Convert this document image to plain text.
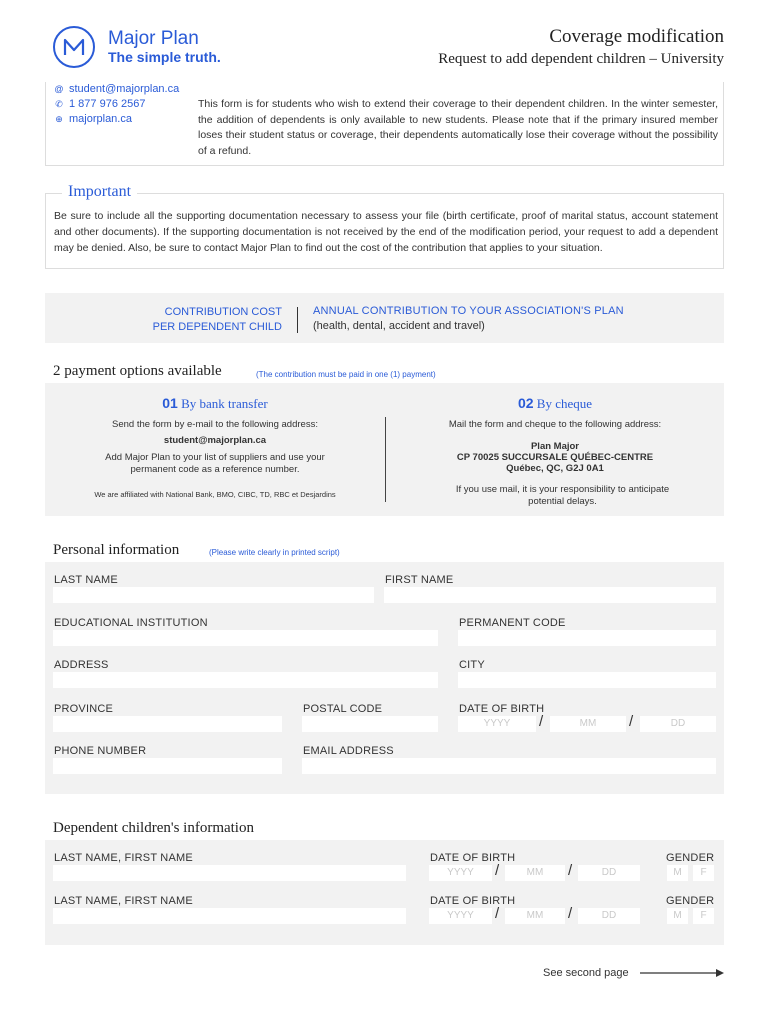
Major Plan
The simple truth.
Coverage modification
Request to add dependent children – University
@ student@majorplan.ca
✆ 1 877 976 2567
⊕ majorplan.ca
This form is for students who wish to extend their coverage to their dependent children. In the winter semester, the addition of dependents is only available to new students. Please note that if the primary insured member loses their student status or coverage, their dependents automatically lose their coverage without the possibility of a refund.
Important
Be sure to include all the supporting documentation necessary to assess your file (birth certificate, proof of marital status, account statement and other documents). If the supporting documentation is not received by the end of the modification period, your request to add a dependent may be denied. Also, be sure to contact Major Plan to find out the cost of the contribution that applies to your situation.
CONTRIBUTION COST
PER DEPENDENT CHILD
ANNUAL CONTRIBUTION TO YOUR ASSOCIATION'S PLAN
(health, dental, accident and travel)
2 payment options available	(The contribution must be paid in one (1) payment)
01 By bank transfer
Send the form by e-mail to the following address:
student@majorplan.ca
Add Major Plan to your list of suppliers and use your permanent code as a reference number.
We are affiliated with National Bank, BMO, CIBC, TD, RBC et Desjardins
02 By cheque
Mail the form and cheque to the following address:
Plan Major
CP 70025 SUCCURSALE QUÉBEC-CENTRE
Québec, QC, G2J 0A1
If you use mail, it is your responsibility to anticipate potential delays.
Personal information	(Please write clearly in printed script)
LAST NAME	FIRST NAME
EDUCATIONAL INSTITUTION	PERMANENT CODE
ADDRESS	CITY
PROVINCE	POSTAL CODE	DATE OF BIRTH
YYYY	/	MM	/	DD
PHONE NUMBER	EMAIL ADDRESS
Dependent children's information
LAST NAME, FIRST NAME	DATE OF BIRTH
YYYY	/	MM	/	DD
GENDER
M	F
LAST NAME, FIRST NAME	DATE OF BIRTH
YYYY	/	MM	/	DD
GENDER
M	F
See second page
